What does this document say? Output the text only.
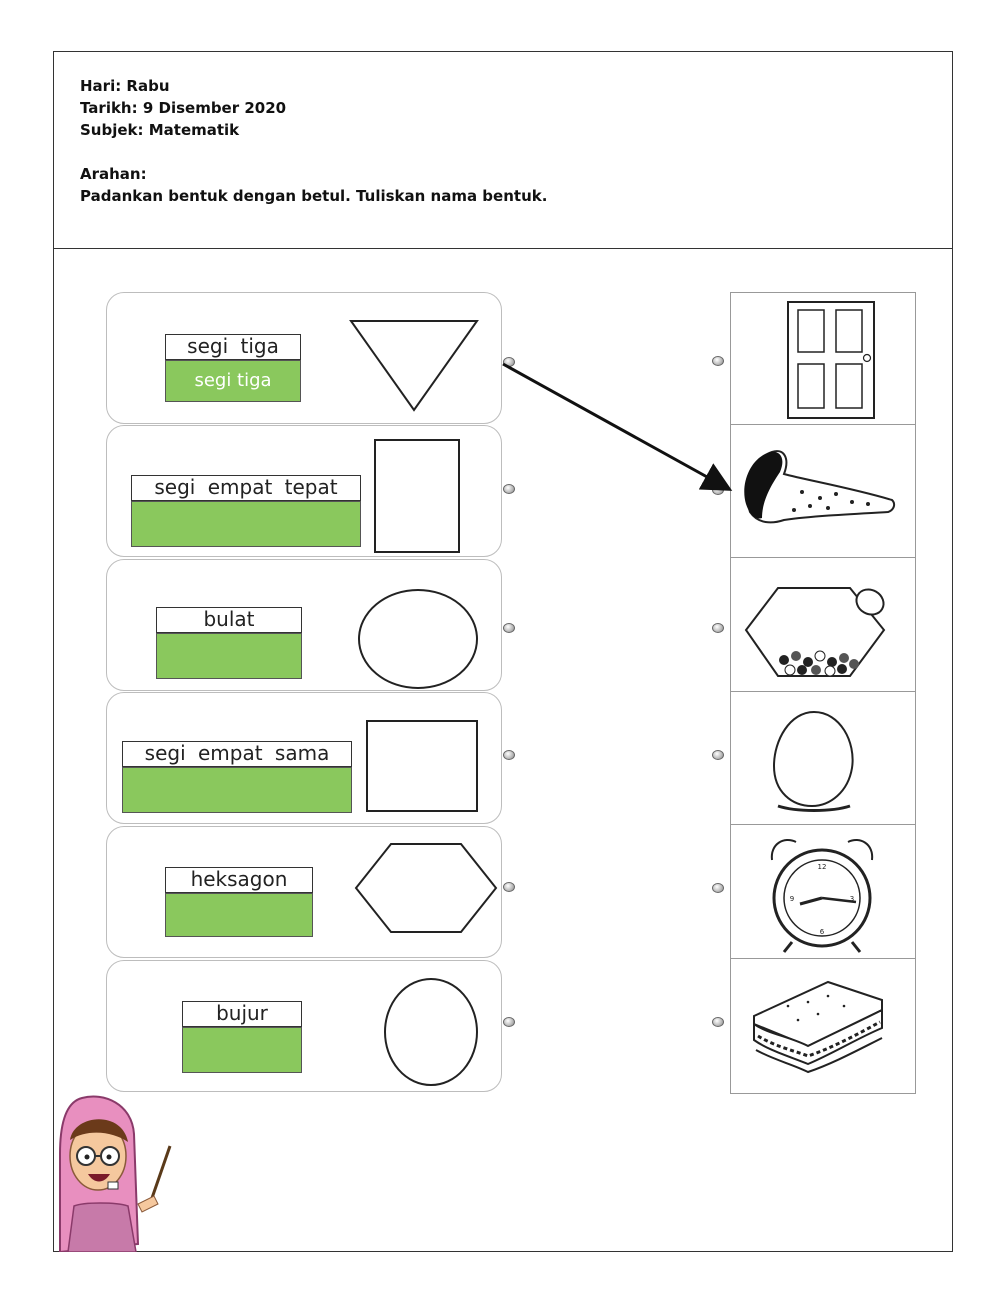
Hari: Rabu
Tarikh: 9 Disember 2020
Subjek: Matematik
Arahan:
Padankan bentuk dengan betul. Tuliskan nama bentuk.
segi tiga
segi tiga
segi empat tepat
bulat
segi empat sama
heksagon
bujur
12
3
6
9
